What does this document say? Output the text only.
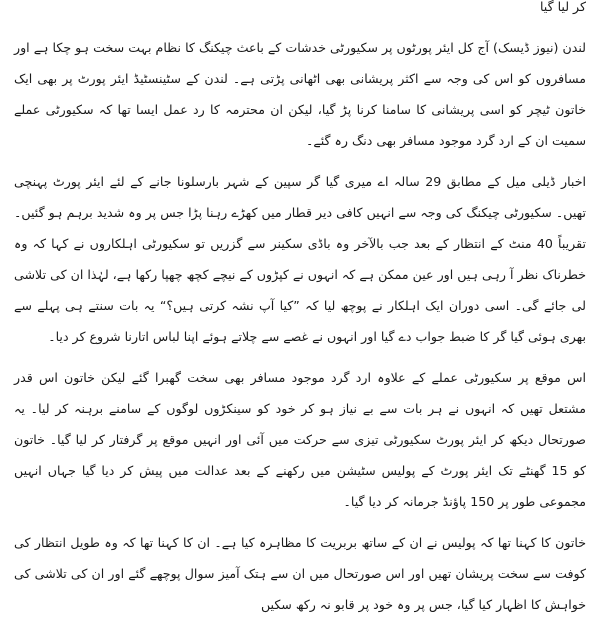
کر لیا گیا

لندن (نیوز ڈیسک) آج کل ایئر پورٹوں پر سکیورٹی خدشات کے باعث چیکنگ کا نظام بہت سخت ہو چکا ہے اور مسافروں کو اس کی وجہ سے اکثر پریشانی بھی اٹھانی پڑتی ہے۔ لندن کے سٹینسٹیڈ ایئر پورٹ پر بھی ایک خاتون ٹیچر کو اسی پریشانی کا سامنا کرنا پڑ گیا، لیکن ان محترمہ کا رد عمل ایسا تھا کہ سکیورٹی عملے سمیت ان کے ارد گرد موجود مسافر بھی دنگ رہ گئے۔

اخبار ڈیلی میل کے مطابق 29 سالہ اے میری گیا گر سپین کے شہر بارسلونا جانے کے لئے ایئر پورٹ پہنچی تھیں۔ سکیورٹی چیکنگ کی وجہ سے انہیں کافی دیر قطار میں کھڑے رہنا پڑا جس پر وہ شدید برہم ہو گئیں۔ تقریباً 40 منٹ کے انتظار کے بعد جب بالآخر وہ باڈی سکینر سے گزریں تو سکیورٹی اہلکاروں نے کہا کہ وہ خطرناک نظر آ رہی ہیں اور عین ممکن ہے کہ انہوں نے کپڑوں کے نیچے کچھ چھپا رکھا ہے، لہٰذا ان کی تلاشی لی جائے گی۔ اسی دوران ایک اہلکار نے پوچھ لیا کہ ”کیا آپ نشہ کرتی ہیں؟“ یہ بات سنتے ہی پہلے سے بھری ہوئی گیا گر کا ضبط جواب دے گیا اور انہوں نے غصے سے چلاتے ہوئے اپنا لباس اتارنا شروع کر دیا۔

اس موقع پر سکیورٹی عملے کے علاوہ ارد گرد موجود مسافر بھی سخت گھبرا گئے لیکن خاتون اس قدر مشتعل تھیں کہ انہوں نے ہر بات سے بے نیاز ہو کر خود کو سینکڑوں لوگوں کے سامنے برہنہ کر لیا۔ یہ صورتحال دیکھ کر ایئر پورٹ سکیورٹی تیزی سے حرکت میں آئی اور انہیں موقع پر گرفتار کر لیا گیا۔ خاتون کو 15 گھنٹے تک ایئر پورٹ کے پولیس سٹیشن میں رکھنے کے بعد عدالت میں پیش کر دیا گیا جہاں انہیں مجموعی طور پر 150 پاؤنڈ جرمانہ کر دیا گیا۔

خاتون کا کہنا تھا کہ پولیس نے ان کے ساتھ بربریت کا مظاہرہ کیا ہے۔ ان کا کہنا تھا کہ وہ طویل انتظار کی کوفت سے سخت پریشان تھیں اور اس صورتحال میں ان سے ہتک آمیز سوال پوچھے گئے اور ان کی تلاشی کی خواہش کا اظہار کیا گیا، جس پر وہ خود پر قابو نہ رکھ سکیں
